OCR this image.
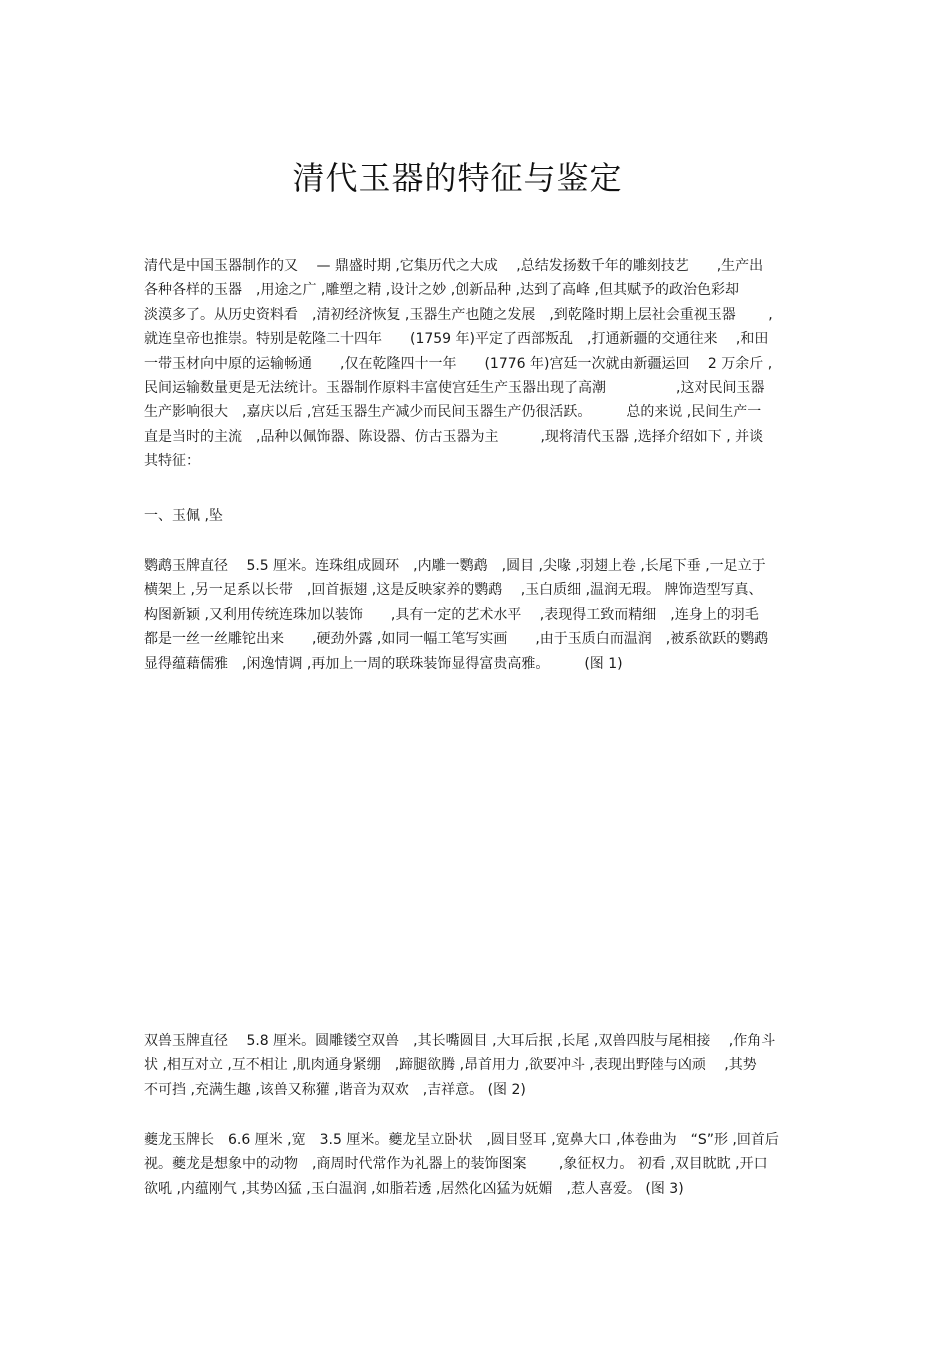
清代玉器的特征与鉴定
清代是中国玉器制作的又　 — 鼎盛时期 ,它集历代之大成　 ,总结发扬数千年的雕刻技艺　　,生产出
各种各样的玉器　,用途之广 ,雕塑之精 ,设计之妙 ,创新品种 ,达到了高峰 ,但其赋予的政治色彩却
淡漠多了。从历史资料看　,清初经济恢复 ,玉器生产也随之发展　,到乾隆时期上层社会重视玉器　　 ,
就连皇帝也推崇。特别是乾隆二十四年　　(1759 年)平定了西部叛乱　,打通新疆的交通往来　 ,和田
一带玉材向中原的运输畅通　　,仅在乾隆四十一年　　(1776 年)宫廷一次就由新疆运回　 2 万余斤 ,
民间运输数量更是无法统计。玉器制作原料丰富使宫廷生产玉器出现了高潮　　　　　,这对民间玉器
生产影响很大　,嘉庆以后 ,宫廷玉器生产减少而民间玉器生产仍很活跃。　　　总的来说 ,民间生产一
直是当时的主流　,品种以佩饰器、陈设器、仿古玉器为主　　　,现将清代玉器 ,选择介绍如下 , 并谈
其特征：
一、玉佩 ,坠
鹦鹉玉牌直径　 5.5 厘米。连珠组成圆环　,内雕一鹦鹉　,圆目 ,尖喙 ,羽翅上卷 ,长尾下垂 ,一足立于
横架上 ,另一足系以长带　,回首振翅 ,这是反映家养的鹦鹉　 ,玉白质细 ,温润无瑕。 牌饰造型写真、
构图新颖 ,又利用传统连珠加以装饰　　,具有一定的艺术水平　 ,表现得工致而精细　,连身上的羽毛
都是一丝一丝雕铊出来　　,硬劲外露 ,如同一幅工笔写实画　　,由于玉质白而温润　,被系欲跃的鹦鹉
显得蕴藉儒雅　,闲逸情调 ,再加上一周的联珠装饰显得富贵高雅。　　　(图 1)
双兽玉牌直径　 5.8 厘米。圆雕镂空双兽　,其长嘴圆目 ,大耳后抿 ,长尾 ,双兽四肢与尾相接　 ,作角斗
状 ,相互对立 ,互不相让 ,肌肉通身紧绷　,蹄腿欲腾 ,昂首用力 ,欲要冲斗 ,表现出野陸与凶顽　 ,其势
不可挡 ,充满生趣 ,该兽又称獾 ,谐音为双欢　,吉祥意。 (图 2)
夔龙玉牌长　6.6 厘米 ,宽　3.5 厘米。夔龙呈立卧状　,圆目竖耳 ,宽鼻大口 ,体卷曲为　“S”形 ,回首后
视。夔龙是想象中的动物　,商周时代常作为礼器上的装饰图案　　 ,象征权力。 初看 ,双目眈眈 ,开口
欲吼 ,内蕴刚气 ,其势凶猛 ,玉白温润 ,如脂若透 ,居然化凶猛为妩媚　,惹人喜爱。 (图 3)
